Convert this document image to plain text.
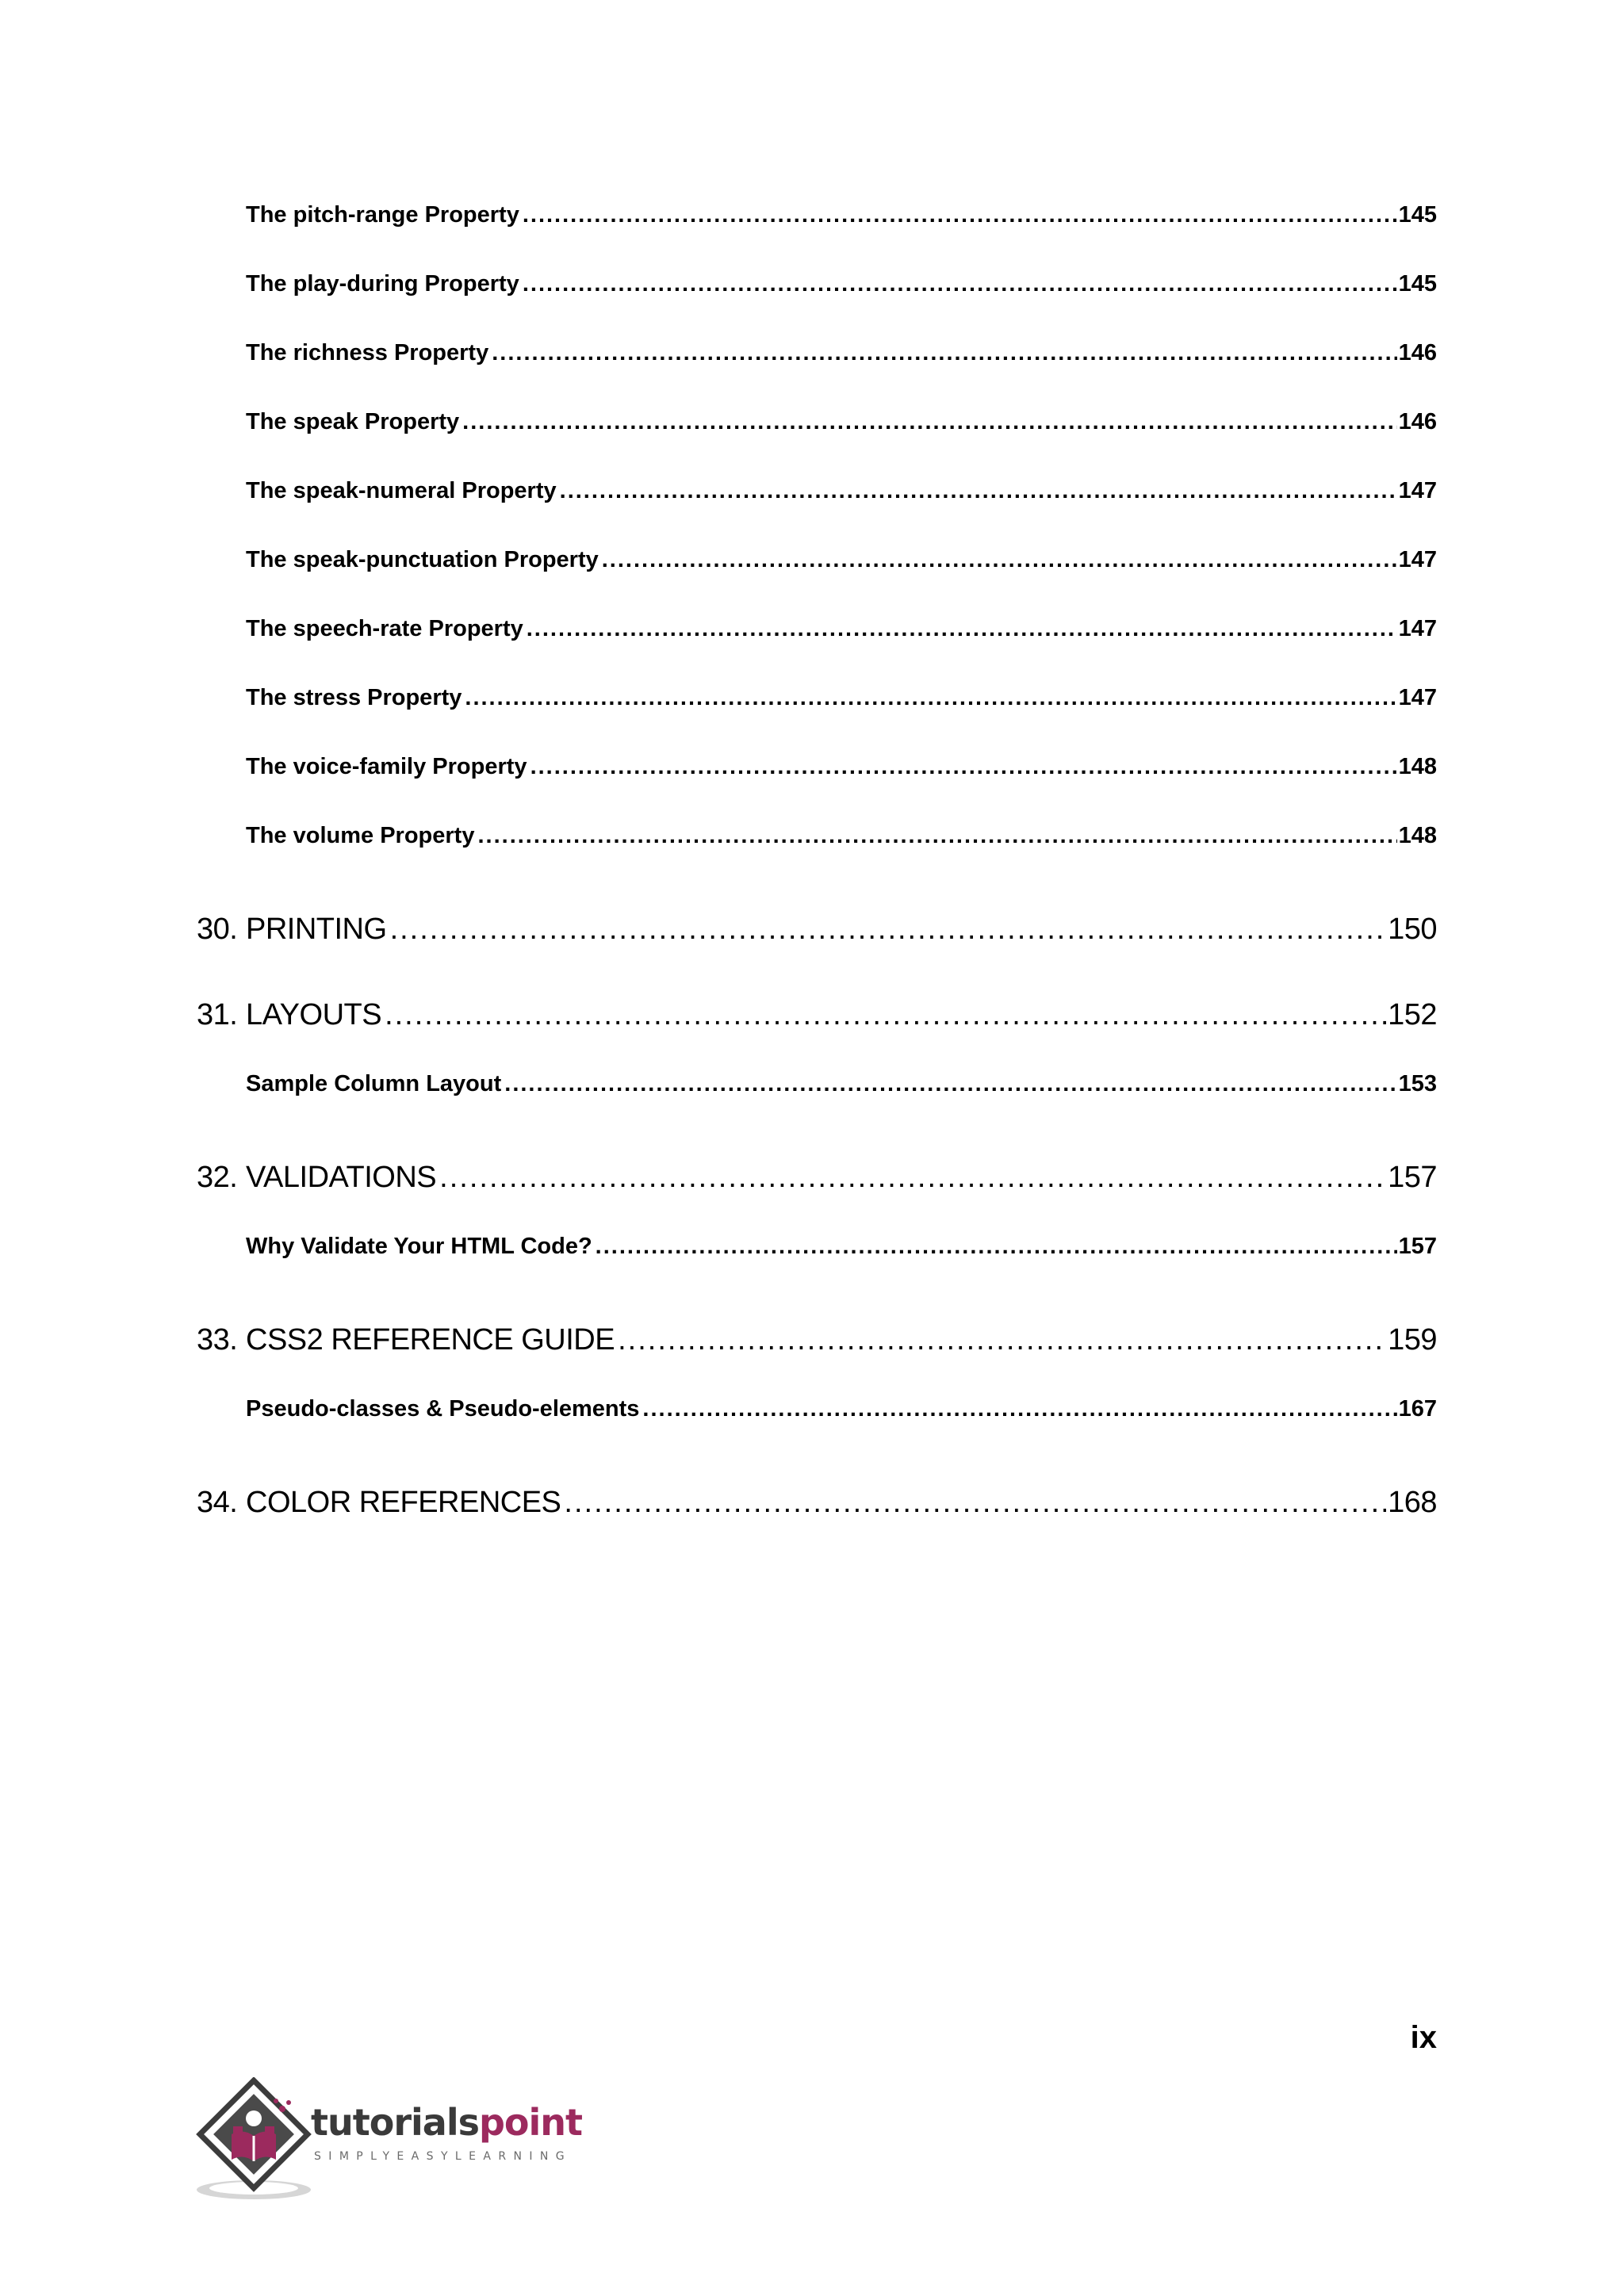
The pitch-range Property .....	145
The play-during Property .....	145
The richness Property .....	146
The speak Property .....	146
The speak-numeral Property .....	147
The speak-punctuation Property .....	147
The speech-rate Property .....	147
The stress Property .....	147
The voice-family Property .....	148
The volume Property .....	148
30. PRINTING .....	150
31. LAYOUTS .....	152
Sample Column Layout .....	153
32. VALIDATIONS .....	157
Why Validate Your HTML Code? .....	157
33. CSS2 REFERENCE GUIDE .....	159
Pseudo-classes & Pseudo-elements .....	167
34. COLOR REFERENCES .....	168
ix
tutorialspoint
SIMPLYEASYLEARNING
